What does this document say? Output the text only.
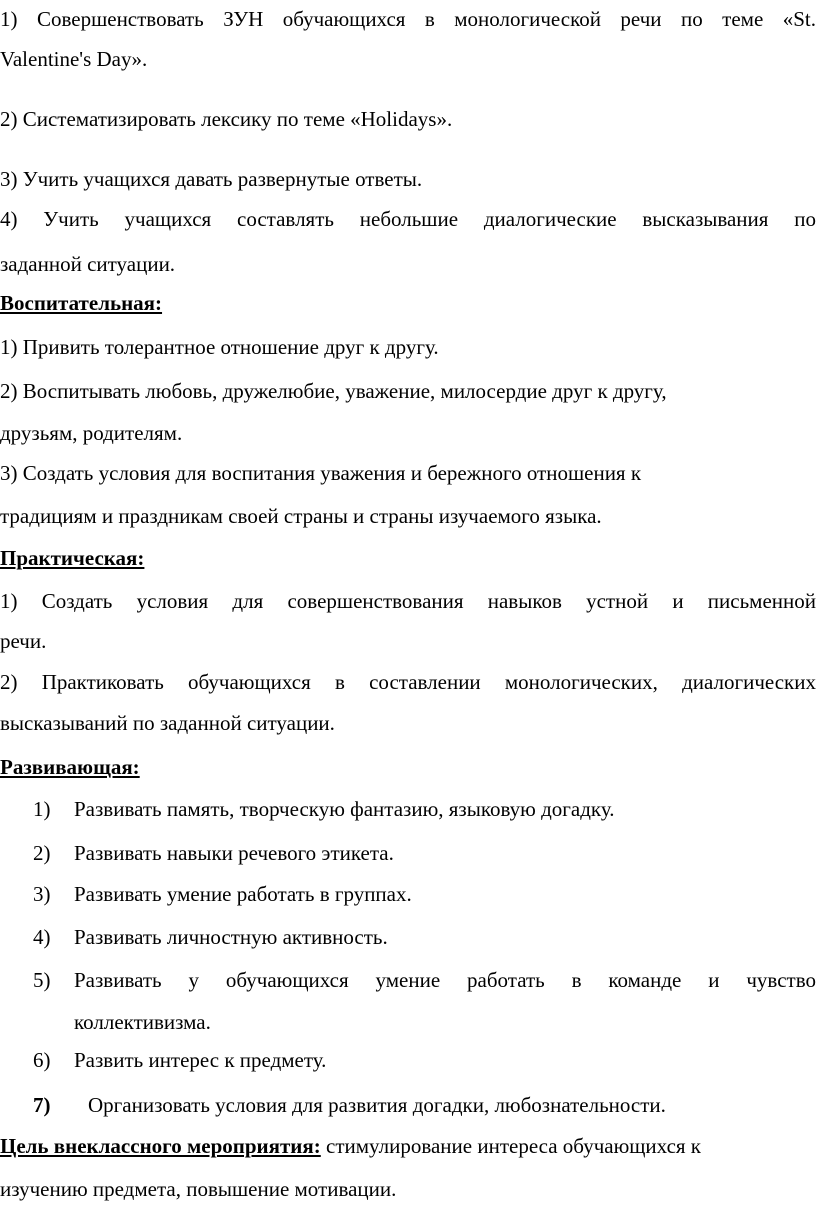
1) Совершенствовать ЗУН обучающихся в монологической речи по теме «St.
Valentine's Day».
2) Систематизировать лексику по теме «Holidays».
3) Учить учащихся давать развернутые ответы.
4) Учить учащихся составлять небольшие диалогические высказывания по
заданной ситуации.
Воспитательная:
1) Привить толерантное отношение друг к другу.
2) Воспитывать любовь, дружелюбие, уважение, милосердие друг к другу,
друзьям, родителям.
3) Создать условия для воспитания уважения и бережного отношения к
традициям и праздникам своей страны и страны изучаемого языка.
Практическая:
1) Создать условия для совершенствования навыков устной и письменной
речи.
2) Практиковать обучающихся в составлении монологических, диалогических
высказываний по заданной ситуации.
Развивающая:
1) Развивать память, творческую фантазию, языковую догадку.
2) Развивать навыки речевого этикета.
3) Развивать умение работать в группах.
4) Развивать личностную активность.
5) Развивать у обучающихся умение работать в команде и чувство
коллективизма.
6) Развить интерес к предмету.
7) Организовать условия для развития догадки, любознательности.
Цель внеклассного мероприятия: стимулирование интереса обучающихся к
изучению предмета, повышение мотивации.
